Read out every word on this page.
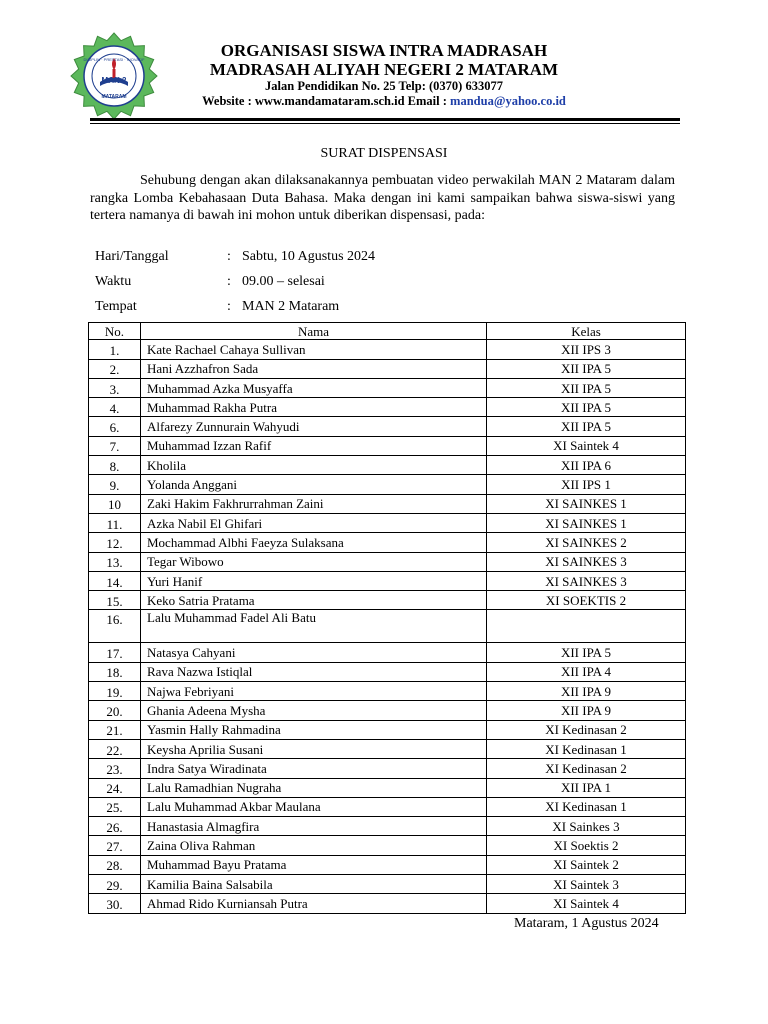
DISIPLIN · PRESTASI · INOVATIF
MAN 2
MATARAM
ORGANISASI SISWA INTRA MADRASAH
MADRASAH ALIYAH NEGERI 2 MATARAM
Jalan Pendidikan No. 25 Telp: (0370) 633077
Website : www.mandamataram.sch.id Email : mandua@yahoo.co.id
SURAT DISPENSASI
Sehubung dengan akan dilaksanakannya pembuatan video perwakilah MAN 2 Mataram dalam rangka Lomba Kebahasaan Duta Bahasa. Maka dengan ini kami sampaikan bahwa siswa-siswi yang tertera namanya di bawah ini mohon untuk diberikan dispensasi, pada:
Hari/Tanggal	: Sabtu, 10 Agustus 2024
Waktu	: 09.00 – selesai
Tempat	: MAN 2 Mataram
No.	Nama	Kelas
1.	Kate Rachael Cahaya Sullivan	XII IPS 3
2.	Hani Azzhafron Sada	XII IPA 5
3.	Muhammad Azka Musyaffa	XII IPA 5
4.	Muhammad Rakha Putra	XII IPA 5
6.	Alfarezy Zunnurain Wahyudi	XII IPA 5
7.	Muhammad Izzan Rafif	XI Saintek 4
8.	Kholila	XII IPA 6
9.	Yolanda Anggani	XII IPS 1
10	Zaki Hakim Fakhrurrahman Zaini	XI SAINKES 1
11.	Azka Nabil El Ghifari	XI SAINKES 1
12.	Mochammad Albhi Faeyza Sulaksana	XI SAINKES 2
13.	Tegar Wibowo	XI SAINKES 3
14.	Yuri Hanif	XI SAINKES 3
15.	Keko Satria Pratama	XI SOEKTIS 2
16.	Lalu Muhammad Fadel Ali Batu	
17.	Natasya Cahyani	XII IPA 5
18.	Rava Nazwa Istiqlal	XII IPA 4
19.	Najwa Febriyani	XII IPA 9
20.	Ghania Adeena Mysha	XII IPA 9
21.	Yasmin Hally Rahmadina	XI Kedinasan 2
22.	Keysha Aprilia Susani	XI Kedinasan 1
23.	Indra Satya Wiradinata	XI Kedinasan 2
24.	Lalu Ramadhian Nugraha	XII IPA 1
25.	Lalu Muhammad Akbar Maulana	XI Kedinasan 1
26.	Hanastasia Almagfira	XI Sainkes 3
27.	Zaina Oliva Rahman	XI Soektis 2
28.	Muhammad Bayu Pratama	XI Saintek 2
29.	Kamilia Baina Salsabila	XI Saintek 3
30.	Ahmad Rido Kurniansah Putra	XI Saintek 4
Mataram, 1 Agustus 2024
